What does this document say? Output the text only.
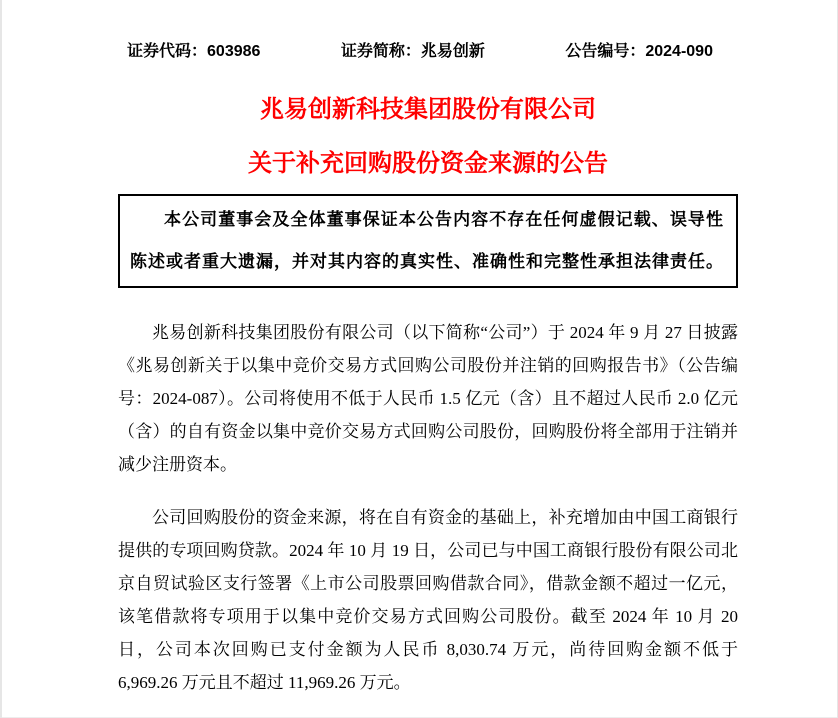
证券代码：603986	证券简称：兆易创新	公告编号：2024-090
兆易创新科技集团股份有限公司
关于补充回购股份资金来源的公告
本公司董事会及全体董事保证本公告内容不存在任何虚假记载、误导性陈述或者重大遗漏，并对其内容的真实性、准确性和完整性承担法律责任。

兆易创新科技集团股份有限公司（以下简称“公司”）于 2024 年 9 月 27 日披露《兆易创新关于以集中竞价交易方式回购公司股份并注销的回购报告书》（公告编号：2024-087）。公司将使用不低于人民币 1.5 亿元（含）且不超过人民币 2.0 亿元（含）的自有资金以集中竞价交易方式回购公司股份，回购股份将全部用于注销并减少注册资本。

公司回购股份的资金来源，将在自有资金的基础上，补充增加由中国工商银行提供的专项回购贷款。2024 年 10 月 19 日，公司已与中国工商银行股份有限公司北京自贸试验区支行签署《上市公司股票回购借款合同》，借款金额不超过一亿元，该笔借款将专项用于以集中竞价交易方式回购公司股份。截至 2024 年 10 月 20 日，公司本次回购已支付金额为人民币 8,030.74 万元，尚待回购金额不低于 6,969.26 万元且不超过 11,969.26 万元。
